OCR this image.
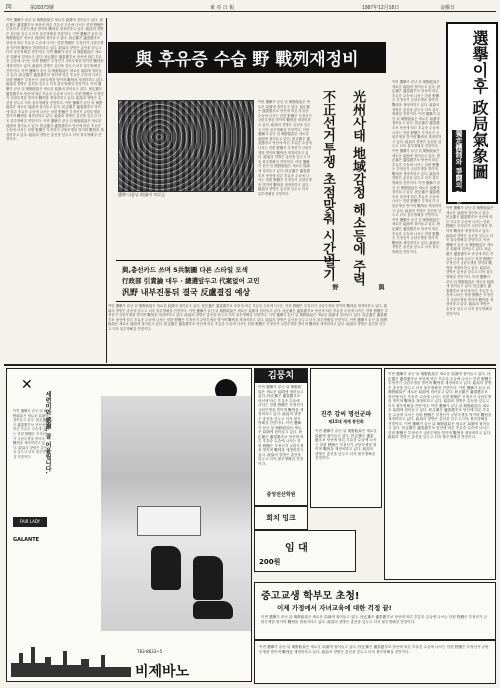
[5]	第20373號	東 亞 日 報	1987年12月18日	金曜日
이번 選擧가 끝난 뒤 與野政局은 새로운 局面에 접어들고 있다. 民正黨은 盧泰愚후보 당선에 따른 후유증 수습에 나서는 한편 野圈은 부정선거 규탄투쟁을 벌이며 戰列을 재정비하고 있다. 政局의 향방은 총선을 앞두고 더욱 불투명해질 전망이다. 이번 選擧가 끝난 뒤 與野政局은 새로운 局面에 접어들고 있다. 民正黨은 盧泰愚후보 당선에 따른 후유증 수습에 나서는 한편 野圈은 부정선거 규탄투쟁을 벌이며 戰列을 재정비하고 있다. 政局의 향방은 총선을 앞두고 더욱 불투명해질 전망이다. 이번 選擧가 끝난 뒤 與野政局은 새로운 局面에 접어들고 있다. 民正黨은 盧泰愚후보 당선에 따른 후유증 수습에 나서는 한편 野圈은 부정선거 규탄투쟁을 벌이며 戰列을 재정비하고 있다. 政局의 향방은 총선을 앞두고 더욱 불투명해질 전망이다. 이번 選擧가 끝난 뒤 與野政局은 새로운 局面에 접어들고 있다. 民正黨은 盧泰愚후보 당선에 따른 후유증 수습에 나서는 한편 野圈은 부정선거 규탄투쟁을 벌이며 戰列을 재정비하고 있다. 政局의 향방은 총선을 앞두고 더욱 불투명해질 전망이다. 이번 選擧가 끝난 뒤 與野政局은 새로운 局面에 접어들고 있다. 民正黨은 盧泰愚후보 당선에 따른 후유증 수습에 나서는 한편 野圈은 부정선거 규탄투쟁을 벌이며 戰列을 재정비하고 있다. 政局의 향방은 총선을 앞두고 더욱 불투명해질 전망이다. 이번 選擧가 끝난 뒤 與野政局은 새로운 局面에 접어들고 있다. 民正黨은 盧泰愚후보 당선에 따른 후유증 수습에 나서는 한편 野圈은 부정선거 규탄투쟁을 벌이며 戰列을 재정비하고 있다. 政局의 향방은 총선을 앞두고 더욱 불투명해질 전망이다. 이번 選擧가 끝난 뒤 與野政局은 새로운 局面에 접어들고 있다. 民正黨은 盧泰愚후보 당선에 따른 후유증 수습에 나서는 한편 野圈은 부정선거 규탄투쟁을 벌이며 戰列을 재정비하고 있다. 政局의 향방은 총선을 앞두고 더욱 불투명해질 전망이다.
與 후유증 수습 野 戰列재정비	選擧이후 政局氣象圖
獨走體制와 爭鬪의 對立
이번 選擧가 끝난 뒤 與野政局은 새로운 局面에 접어들고 있다. 民正黨은 盧泰愚후보 당선에 따른 후유증 수습에 나서는 한편 野圈은 부정선거 규탄투쟁을 벌이며 戰列을 재정비하고 있다. 政局의 향방은 총선을 앞두고 더욱 불투명해질 전망이다. 이번 選擧가 끝난 뒤 與野政局은 새로운 局面에 접어들고 있다. 民正黨은 盧泰愚후보 당선에 따른 후유증 수습에 나서는 한편 野圈은 부정선거 규탄투쟁을 벌이며 戰列을 재정비하고 있다. 政局의 향방은 총선을 앞두고 더욱 불투명해질 전망이다. 이번 選擧가 끝난 뒤 與野政局은 새로운 局面에 접어들고 있다. 民正黨은 盧泰愚후보 당선에 따른 후유증 수습에 나서는 한편 野圈은 부정선거 규탄투쟁을 벌이며 戰列을 재정비하고 있다. 政局의 향방은 총선을 앞두고 더욱 불투명해질 전망이다. 이번 選擧가 끝난 뒤 與野政局은 새로운 局面에 접어들고 있다. 民正黨은 盧泰愚후보 당선에 따른 후유증 수습에 나서는 한편 野圈은 부정선거 규탄투쟁을 벌이며 戰列을 재정비하고 있다. 政局의 향방은 총선을 앞두고 더욱 불투명해질 전망이다. 이번 選擧가 끝난 뒤 與野政局은 새로운 局面에 접어들고 있다. 民正黨은 盧泰愚후보 당선에 따른 후유증 수습에 나서는 한편 野圈은 부정선거 규탄투쟁을 벌이며 戰列을 재정비하고 있다. 政局의 향방은 총선을 앞두고 더욱 불투명해질 전망이다.
이번 選擧가 끝난 뒤 與野政局은 새로운 局面에 접어들고 있다. 民正黨은 盧泰愚후보 당선에 따른 후유증 수습에 나서는 한편 野圈은 부정선거 규탄투쟁을 벌이며 戰列을 재정비하고 있다. 政局의 향방은 총선을 앞두고 더욱 불투명해질 전망이다. 이번 選擧가 끝난 뒤 與野政局은 새로운 局面에 접어들고 있다. 民正黨은 盧泰愚후보 당선에 따른 후유증 수습에 나서는 한편 野圈은 부정선거 규탄투쟁을 벌이며 戰列을 재정비하고 있다. 政局의 향방은 총선을 앞두고 더욱 불투명해질 전망이다. 이번 選擧가 끝난 뒤 與野政局은 새로운 局面에 접어들고 있다. 民正黨은 盧泰愚후보 당선에 따른 후유증 수습에 나서는 한편 野圈은 부정선거 규탄투쟁을 벌이며 戰列을 재정비하고 있다. 政局의 향방은 총선을 앞두고 더욱 불투명해질 전망이다.
選擧 다음날 街頭의 市民들	光州사태 地域감정 해소등에 주력
與
不正선거투쟁 초점맞춰 시간벌기
野
이번 選擧가 끝난 뒤 與野政局은 새로운 局面에 접어들고 있다. 民正黨은 盧泰愚후보 당선에 따른 후유증 수습에 나서는 한편 野圈은 부정선거 규탄투쟁을 벌이며 戰列을 재정비하고 있다. 政局의 향방은 총선을 앞두고 더욱 불투명해질 전망이다. 이번 選擧가 끝난 뒤 與野政局은 새로운 局面에 접어들고 있다. 民正黨은 盧泰愚후보 당선에 따른 후유증 수습에 나서는 한편 野圈은 부정선거 규탄투쟁을 벌이며 戰列을 재정비하고 있다. 政局의 향방은 총선을 앞두고 더욱 불투명해질 전망이다. 이번 選擧가 끝난 뒤 與野政局은 새로운 局面에 접어들고 있다. 民正黨은 盧泰愚후보 당선에 따른 후유증 수습에 나서는 한편 野圈은 부정선거 규탄투쟁을 벌이며 戰列을 재정비하고 있다. 政局의 향방은 총선을 앞두고 더욱 불투명해질 전망이다.
與,총선카드 쓰며 5共制圖 다른 스타일 모색
行政部 引責論 대두 · 總選앞두고 代案없어 고민
汎野 내부진통뒤 결국 反盧결집 예상
이번 選擧가 끝난 뒤 與野政局은 새로운 局面에 접어들고 있다. 民正黨은 盧泰愚후보 당선에 따른 후유증 수습에 나서는 한편 野圈은 부정선거 규탄투쟁을 벌이며 戰列을 재정비하고 있다. 政局의 향방은 총선을 앞두고 더욱 불투명해질 전망이다. 이번 選擧가 끝난 뒤 與野政局은 새로운 局面에 접어들고 있다. 民正黨은 盧泰愚후보 당선에 따른 후유증 수습에 나서는 한편 野圈은 부정선거 규탄투쟁을 벌이며 戰列을 재정비하고 있다. 政局의 향방은 총선을 앞두고 더욱 불투명해질 전망이다. 이번 選擧가 끝난 뒤 與野政局은 새로운 局面에 접어들고 있다. 民正黨은 盧泰愚후보 당선에 따른 후유증 수습에 나서는 한편 野圈은 부정선거 규탄투쟁을 벌이며 戰列을 재정비하고 있다. 政局의 향방은 총선을 앞두고 더욱 불투명해질 전망이다. 이번 選擧가 끝난 뒤 與野政局은 새로운 局面에 접어들고 있다. 民正黨은 盧泰愚후보 당선에 따른 후유증 수습에 나서는 한편 野圈은 부정선거 규탄투쟁을 벌이며 戰列을 재정비하고 있다. 政局의 향방은 총선을 앞두고 더욱 불투명해질 전망이다.
✕
세련미와 感謝, 잘 어울립니다.
이번 選擧가 끝난 뒤 與野政局은 새로운 局面에 접어들고 있다. 民正黨은 盧泰愚후보 당선에 따른 후유증 수습에 나서는 한편 野圈은 부정선거 규탄투쟁을 벌이며 戰列을 재정비하고 있다. 政局의 향방은 총선을 앞두고 더욱 불투명해질 전망이다.
FAIR LADY
GALANTE
비제바노
783-8633~5
김뭉치
이번 選擧가 끝난 뒤 與野政局은 새로운 局面에 접어들고 있다. 民正黨은 盧泰愚후보 당선에 따른 후유증 수습에 나서는 한편 野圈은 부정선거 규탄투쟁을 벌이며 戰列을 재정비하고 있다. 政局의 향방은 총선을 앞두고 더욱 불투명해질 전망이다. 이번 選擧가 끝난 뒤 與野政局은 새로운 局面에 접어들고 있다. 民正黨은 盧泰愚후보 당선에 따른 후유증 수습에 나서는 한편 野圈은 부정선거 규탄투쟁을 벌이며 戰列을 재정비하고 있다. 政局의 향방은 총선을 앞두고 더욱 불투명해질 전망이다.
중앙전산학원
회치 밍크
임 대
200원
진주 강씨 명선군파
제15대 세계 종친회
이번 選擧가 끝난 뒤 與野政局은 새로운 局面에 접어들고 있다. 民正黨은 盧泰愚후보 당선에 따른 후유증 수습에 나서는 한편 野圈은 부정선거 규탄투쟁을 벌이며 戰列을 재정비하고 있다. 政局의 향방은 총선을 앞두고 더욱 불투명해질 전망이다.
이번 選擧가 끝난 뒤 與野政局은 새로운 局面에 접어들고 있다. 民正黨은 盧泰愚후보 당선에 따른 후유증 수습에 나서는 한편 野圈은 부정선거 규탄투쟁을 벌이며 戰列을 재정비하고 있다. 政局의 향방은 총선을 앞두고 더욱 불투명해질 전망이다. 이번 選擧가 끝난 뒤 與野政局은 새로운 局面에 접어들고 있다. 民正黨은 盧泰愚후보 당선에 따른 후유증 수습에 나서는 한편 野圈은 부정선거 규탄투쟁을 벌이며 戰列을 재정비하고 있다. 政局의 향방은 총선을 앞두고 더욱 불투명해질 전망이다. 이번 選擧가 끝난 뒤 與野政局은 새로운 局面에 접어들고 있다. 民正黨은 盧泰愚후보 당선에 따른 후유증 수습에 나서는 한편 野圈은 부정선거 규탄투쟁을 벌이며 戰列을 재정비하고 있다. 政局의 향방은 총선을 앞두고 더욱 불투명해질 전망이다. 이번 選擧가 끝난 뒤 與野政局은 새로운 局面에 접어들고 있다. 民正黨은 盧泰愚후보 당선에 따른 후유증 수습에 나서는 한편 野圈은 부정선거 규탄투쟁을 벌이며 戰列을 재정비하고 있다. 政局의 향방은 총선을 앞두고 더욱 불투명해질 전망이다.
중고교생 학부모 초청!
이제 가정에서 자녀교육에 대한 걱정 끝!
이번 選擧가 끝난 뒤 與野政局은 새로운 局面에 접어들고 있다. 民正黨은 盧泰愚후보 당선에 따른 후유증 수습에 나서는 한편 野圈은 부정선거 규탄투쟁을 벌이며 戰列을 재정비하고 있다. 政局의 향방은 총선을 앞두고 더욱 불투명해질 전망이다.
이번 選擧가 끝난 뒤 與野政局은 새로운 局面에 접어들고 있다. 民正黨은 盧泰愚후보 당선에 따른 후유증 수습에 나서는 한편 野圈은 부정선거 규탄투쟁을 벌이며 戰列을 재정비하고 있다. 政局의 향방은 총선을 앞두고 더욱 불투명해질 전망이다.
